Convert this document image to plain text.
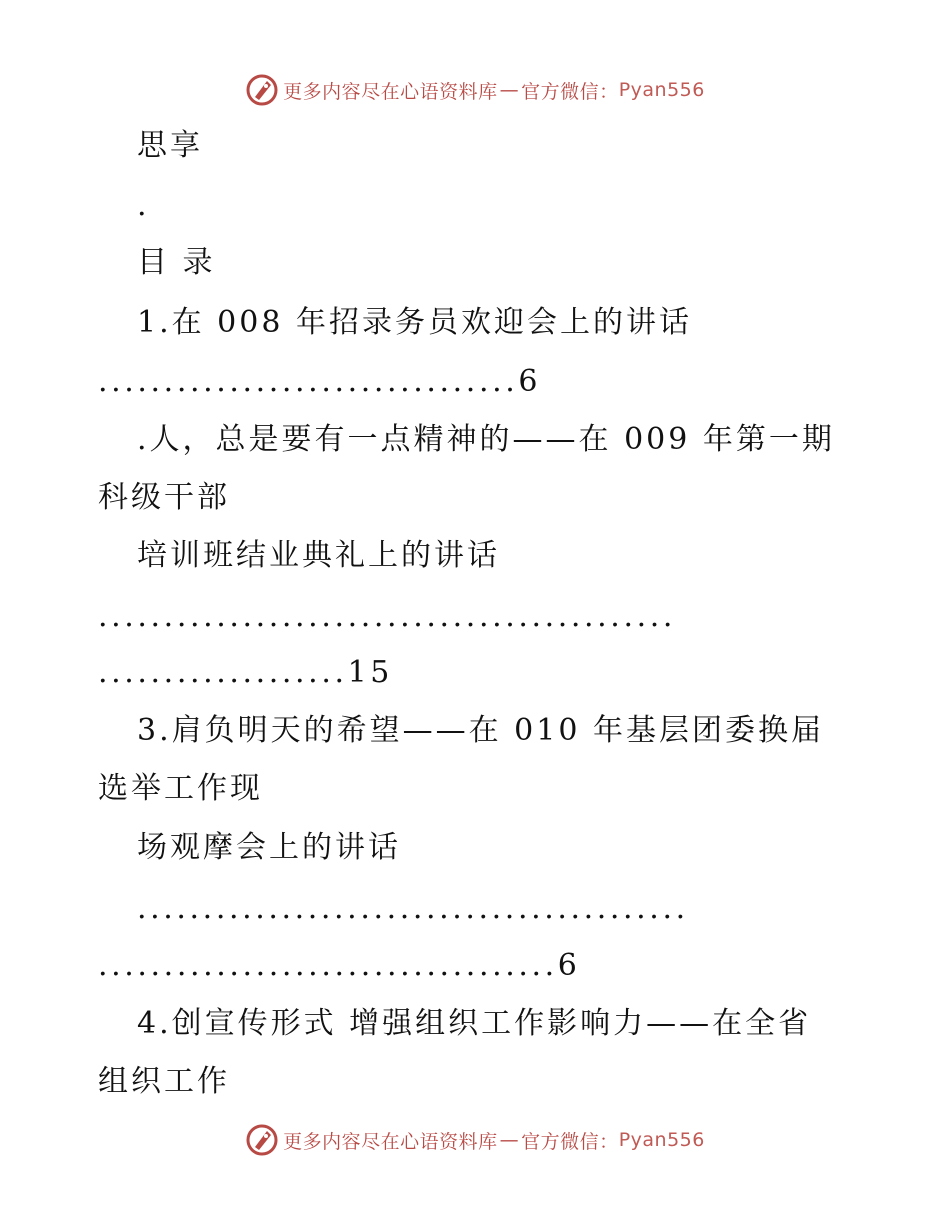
更多内容尽在心语资料库 — 官方微信： Pyan556
思享
.
目 录
1.在 008 年招录务员欢迎会上的讲话
................................6
.人，总是要有一点精神的——在 009 年第一期
科级干部
培训班结业典礼上的讲话
............................................
...................15
3.肩负明天的希望——在 010 年基层团委换届
选举工作现
场观摩会上的讲话
..........................................
...................................6
4.创宣传形式 增强组织工作影响力——在全省
组织工作
更多内容尽在心语资料库 — 官方微信： Pyan556
